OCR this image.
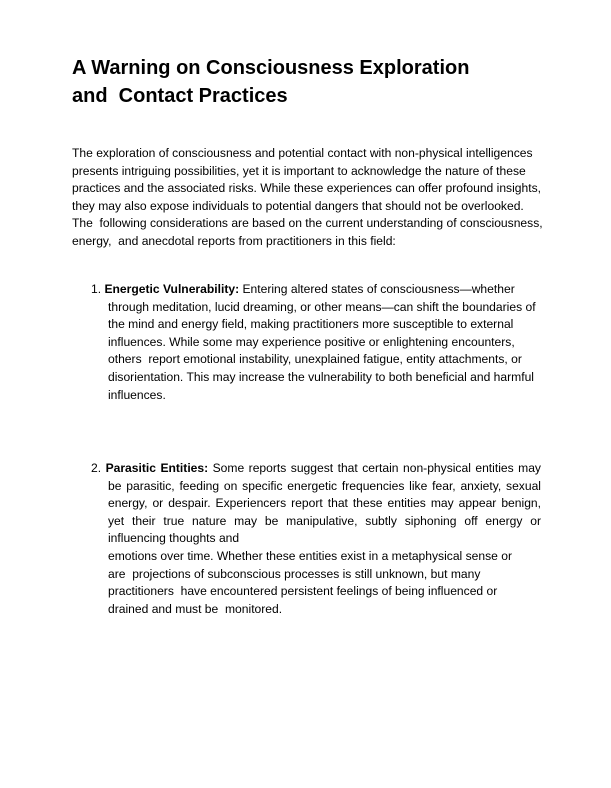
A Warning on Consciousness Exploration
and  Contact Practices

The exploration of consciousness and potential contact with non-physical intelligences
presents intriguing possibilities, yet it is important to acknowledge the nature of these
practices and the associated risks. While these experiences can offer profound insights,
they may also expose individuals to potential dangers that should not be overlooked.
The  following considerations are based on the current understanding of consciousness,
energy,  and anecdotal reports from practitioners in this field:

1. Energetic Vulnerability: Entering altered states of consciousness—whether
through meditation, lucid dreaming, or other means—can shift the boundaries of
the mind and energy field, making practitioners more susceptible to external
influences. While some may experience positive or enlightening encounters,
others  report emotional instability, unexplained fatigue, entity attachments, or
disorientation. This may increase the vulnerability to both beneficial and harmful
influences.
2. Parasitic Entities: Some reports suggest that certain non-physical entities may
be parasitic, feeding on specific energetic frequencies like fear, anxiety, sexual
energy, or despair. Experiencers report that these entities may appear benign,
yet their true nature may be manipulative, subtly siphoning off energy or
influencing thoughts and
emotions over time. Whether these entities exist in a metaphysical sense or
are  projections of subconscious processes is still unknown, but many
practitioners  have encountered persistent feelings of being influenced or
drained and must be  monitored.
